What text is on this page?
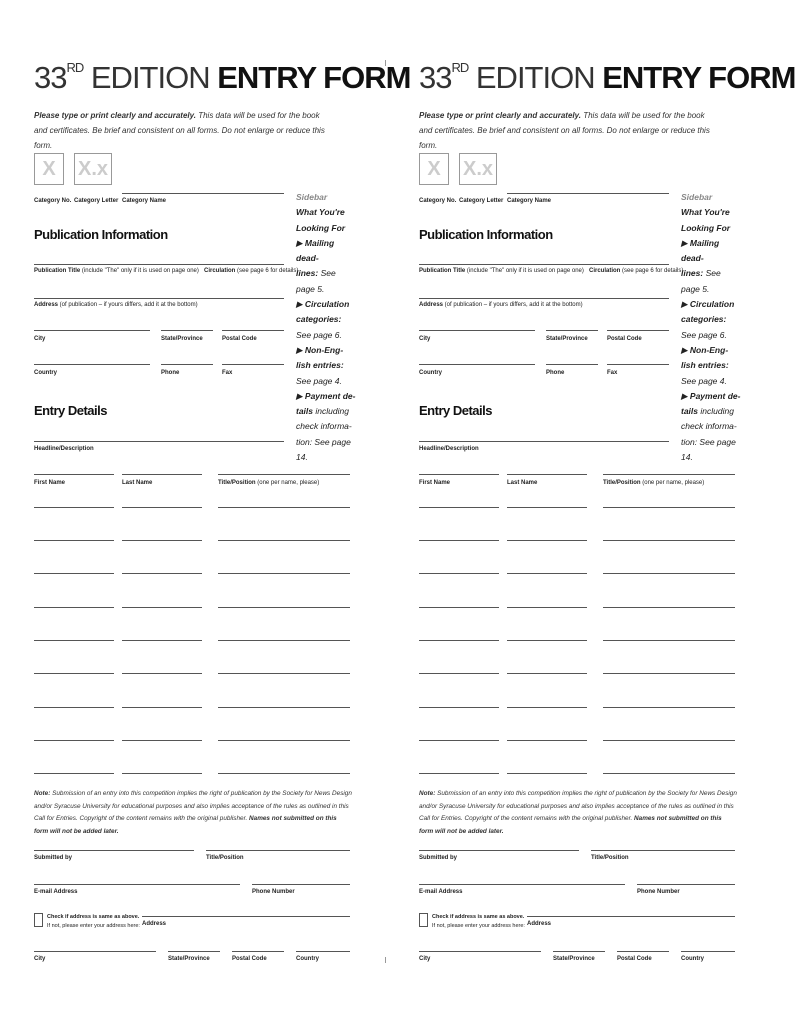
33RD EDITION ENTRY FORM
Please type or print clearly and accurately. This data will be used for the book and certificates. Be brief and consistent on all forms. Do not enlarge or reduce this form.
X X.x
Category No. Category Letter Category Name
Publication Information
Publication Title (include "The" only if it is used on page one) Circulation (see page 6 for details)
Address (of publication – if yours differs, add it at the bottom)
City	State/Province	Postal Code
Country	Phone	Fax
Entry Details
Headline/Description
First Name	Last Name	Title/Position (one per name, please)
Sidebar
What You're
Looking For
▶ Mailing dead-
lines: See page 5.
▶ Circulation
categories: See page 6.
▶ Non-Eng-
lish entries: See page 4.
▶ Payment de-
tails including check informa-tion: See page 14.
Note: Submission of an entry into this competition implies the right of publication by the Society for News Design and/or Syracuse University for educational purposes and also implies acceptance of the rules as outlined in this Call for Entries. Copyright of the content remains with the original publisher. Names not submitted on this form will not be added later.
Submitted by	Title/Position
E-mail Address	Phone Number
Check if address is same as above.
If not, please enter your address here: Address
City	State/Province	Postal Code	Country
33RD EDITION ENTRY FORM
Please type or print clearly and accurately. This data will be used for the book and certificates. Be brief and consistent on all forms. Do not enlarge or reduce this form.
X X.x
Category No. Category Letter Category Name
Publication Information
Publication Title (include "The" only if it is used on page one) Circulation (see page 6 for details)
Address (of publication – if yours differs, add it at the bottom)
City	State/Province	Postal Code
Country	Phone	Fax
Entry Details
Headline/Description
First Name	Last Name	Title/Position (one per name, please)
Sidebar
What You're
Looking For
▶ Mailing dead-
lines: See page 5.
▶ Circulation
categories: See page 6.
▶ Non-Eng-
lish entries: See page 4.
▶ Payment de-
tails including check informa-tion: See page 14.
Note: Submission of an entry into this competition implies the right of publication by the Society for News Design and/or Syracuse University for educational purposes and also implies acceptance of the rules as outlined in this Call for Entries. Copyright of the content remains with the original publisher. Names not submitted on this form will not be added later.
Submitted by	Title/Position
E-mail Address	Phone Number
Check if address is same as above.
If not, please enter your address here: Address
City	State/Province	Postal Code	Country
